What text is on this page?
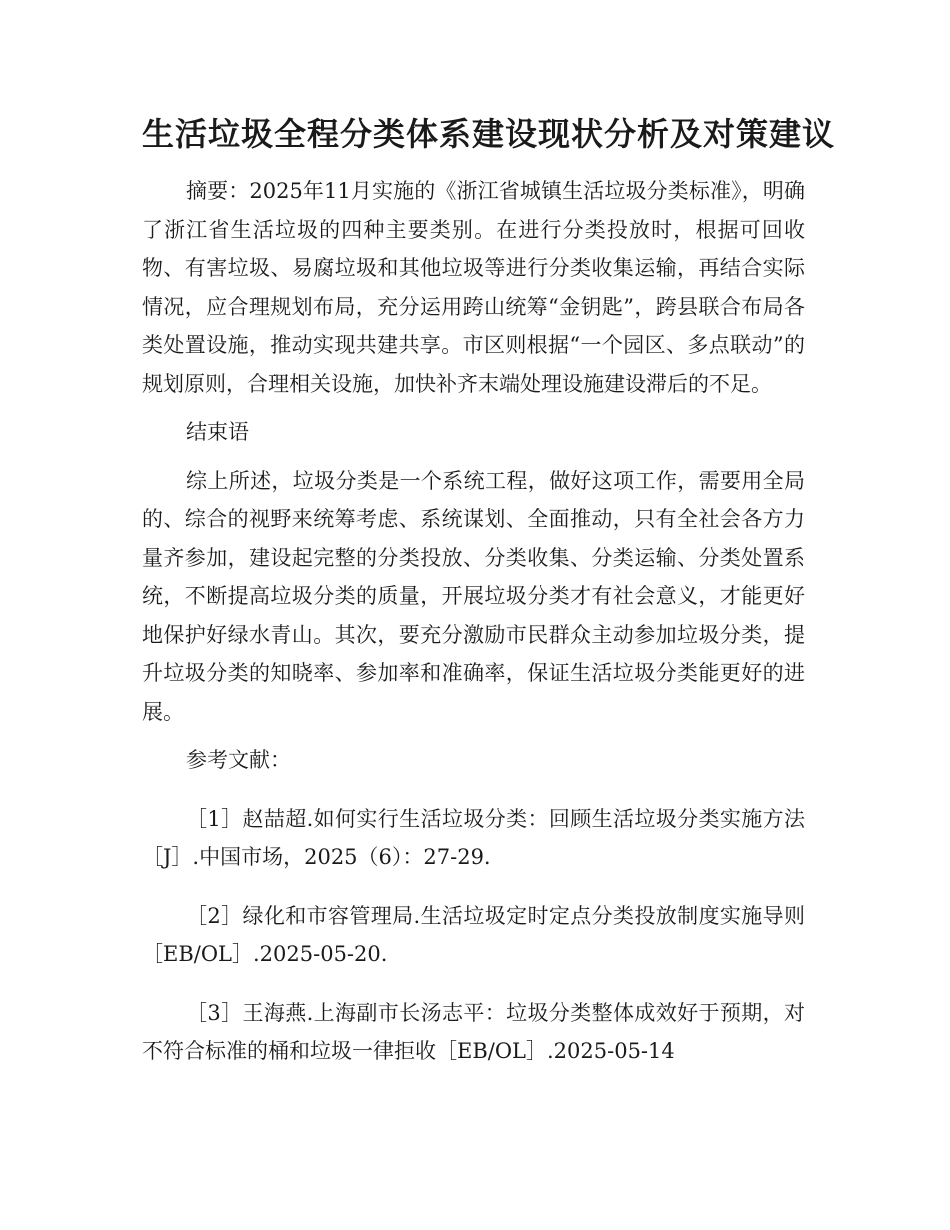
生活垃圾全程分类体系建设现状分析及对策建议

摘要：2025年11月实施的《浙江省城镇生活垃圾分类标准》，明确了浙江省生活垃圾的四种主要类别。在进行分类投放时，根据可回收物、有害垃圾、易腐垃圾和其他垃圾等进行分类收集运输，再结合实际情况，应合理规划布局，充分运用跨山统筹“金钥匙”，跨县联合布局各类处置设施，推动实现共建共享。市区则根据“一个园区、多点联动”的规划原则，合理相关设施，加快补齐末端处理设施建设滞后的不足。

结束语

综上所述，垃圾分类是一个系统工程，做好这项工作，需要用全局的、综合的视野来统筹考虑、系统谋划、全面推动，只有全社会各方力量齐参加，建设起完整的分类投放、分类收集、分类运输、分类处置系统，不断提高垃圾分类的质量，开展垃圾分类才有社会意义，才能更好地保护好绿水青山。其次，要充分激励市民群众主动参加垃圾分类，提升垃圾分类的知晓率、参加率和准确率，保证生活垃圾分类能更好的进展。

参考文献：

［1］赵喆超.如何实行生活垃圾分类：回顾生活垃圾分类实施方法［J］.中国市场，2025（6）：27-29.

［2］绿化和市容管理局.生活垃圾定时定点分类投放制度实施导则［EB/OL］.2025-05-20.

［3］王海燕.上海副市长汤志平：垃圾分类整体成效好于预期，对不符合标准的桶和垃圾一律拒收［EB/OL］.2025-05-14
